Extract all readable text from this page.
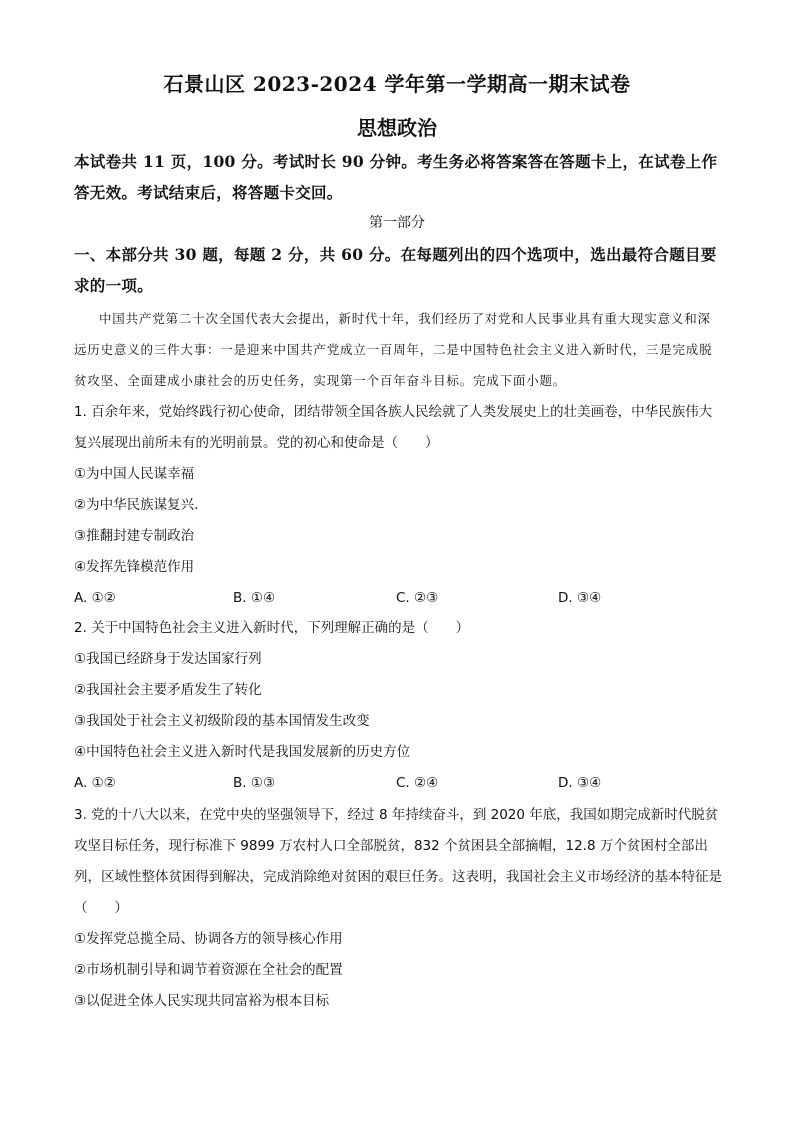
石景山区 2023-2024 学年第一学期高一期末试卷
思想政治
本试卷共 11 页，100 分。考试时长 90 分钟。考生务必将答案答在答题卡上，在试卷上作答无效。考试结束后，将答题卡交回。
第一部分
一、本部分共 30 题，每题 2 分，共 60 分。在每题列出的四个选项中，选出最符合题目要求的一项。
中国共产党第二十次全国代表大会提出，新时代十年，我们经历了对党和人民事业具有重大现实意义和深远历史意义的三件大事：一是迎来中国共产党成立一百周年，二是中国特色社会主义进入新时代，三是完成脱贫攻坚、全面建成小康社会的历史任务，实现第一个百年奋斗目标。完成下面小题。

1. 百余年来，党始终践行初心使命，团结带领全国各族人民绘就了人类发展史上的壮美画卷，中华民族伟大复兴展现出前所未有的光明前景。党的初心和使命是（　　）

①为中国人民谋幸福

②为中华民族谋复兴.

③推翻封建专制政治

④发挥先锋模范作用

A. ①②	B. ①④	C. ②③	D. ③④

2. 关于中国特色社会主义进入新时代，下列理解正确的是（　　）

①我国已经跻身于发达国家行列

②我国社会主要矛盾发生了转化

③我国处于社会主义初级阶段的基本国情发生改变

④中国特色社会主义进入新时代是我国发展新的历史方位

A. ①②	B. ①③	C. ②④	D. ③④

3. 党的十八大以来，在党中央的坚强领导下，经过 8 年持续奋斗，到 2020 年底，我国如期完成新时代脱贫攻坚目标任务，现行标准下 9899 万农村人口全部脱贫，832 个贫困县全部摘帽，12.8 万个贫困村全部出列，区域性整体贫困得到解决，完成消除绝对贫困的艰巨任务。这表明，我国社会主义市场经济的基本特征是（　　）

①发挥党总揽全局、协调各方的领导核心作用

②市场机制引导和调节着资源在全社会的配置

③以促进全体人民实现共同富裕为根本目标
